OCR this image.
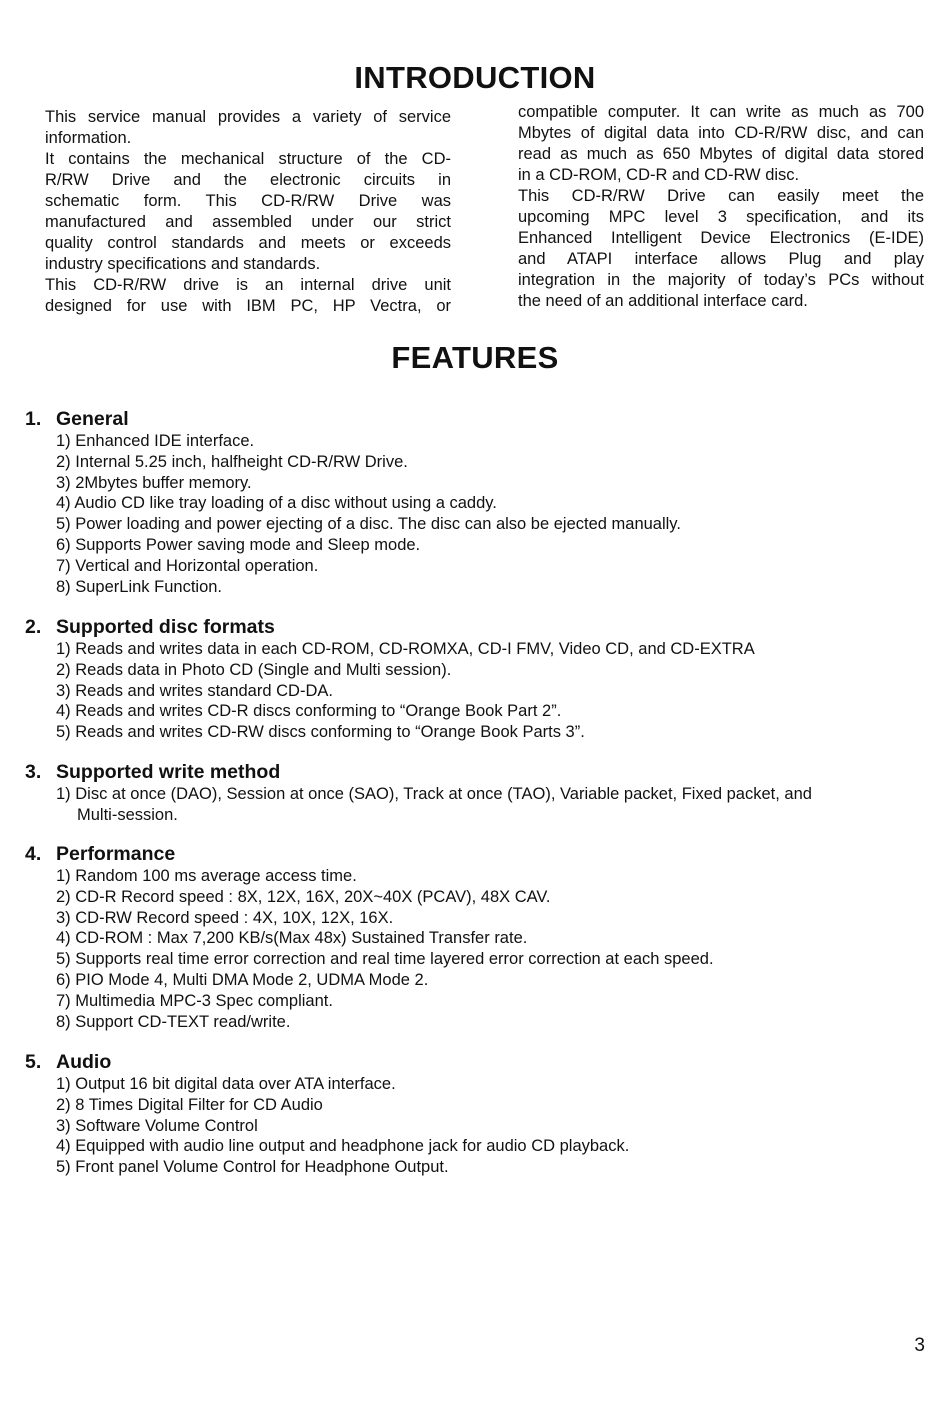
INTRODUCTION
This service manual provides a variety of service
information.
It contains the mechanical structure of the CD-
R/RW Drive and the electronic circuits in
schematic form. This CD-R/RW Drive was
manufactured and assembled under our strict
quality control standards and meets or exceeds
industry specifications and standards.
This CD-R/RW drive is an internal drive unit
designed for use with IBM PC, HP Vectra, or
compatible computer. It can write as much as 700
Mbytes of digital data into CD-R/RW disc, and can
read as much as 650 Mbytes of digital data stored
in a CD-ROM, CD-R and CD-RW disc.
This CD-R/RW Drive can easily meet the
upcoming MPC level 3 specification, and its
Enhanced Intelligent Device Electronics (E-IDE)
and ATAPI interface allows Plug and play
integration in the majority of today’s PCs without
the need of an additional interface card.
FEATURES
1. General
1) Enhanced IDE interface.
2) Internal 5.25 inch, halfheight CD-R/RW Drive.
3) 2Mbytes buffer memory.
4) Audio CD like tray loading of a disc without using a caddy.
5) Power loading and power ejecting of a disc. The disc can also be ejected manually.
6) Supports Power saving mode and Sleep mode.
7) Vertical and Horizontal operation.
8) SuperLink Function.
2. Supported disc formats
1) Reads and writes data in each CD-ROM, CD-ROMXA, CD-I FMV, Video CD, and CD-EXTRA
2) Reads data in Photo CD (Single and Multi session).
3) Reads and writes standard CD-DA.
4) Reads and writes CD-R discs conforming to “Orange Book Part 2”.
5) Reads and writes CD-RW discs conforming to “Orange Book Parts 3”.
3. Supported write method
1) Disc at once (DAO), Session at once (SAO), Track at once (TAO), Variable packet, Fixed packet, and
Multi-session.
4. Performance
1) Random 100 ms average access time.
2) CD-R Record speed : 8X, 12X, 16X, 20X~40X (PCAV), 48X CAV.
3) CD-RW Record speed : 4X, 10X, 12X, 16X.
4) CD-ROM : Max 7,200 KB/s(Max 48x) Sustained Transfer rate.
5) Supports real time error correction and real time layered error correction at each speed.
6) PIO Mode 4, Multi DMA Mode 2, UDMA Mode 2.
7) Multimedia MPC-3 Spec compliant.
8) Support CD-TEXT read/write.
5. Audio
1) Output 16 bit digital data over ATA interface.
2) 8 Times Digital Filter for CD Audio
3) Software Volume Control
4) Equipped with audio line output and headphone jack for audio CD playback.
5) Front panel Volume Control for Headphone Output.
3
